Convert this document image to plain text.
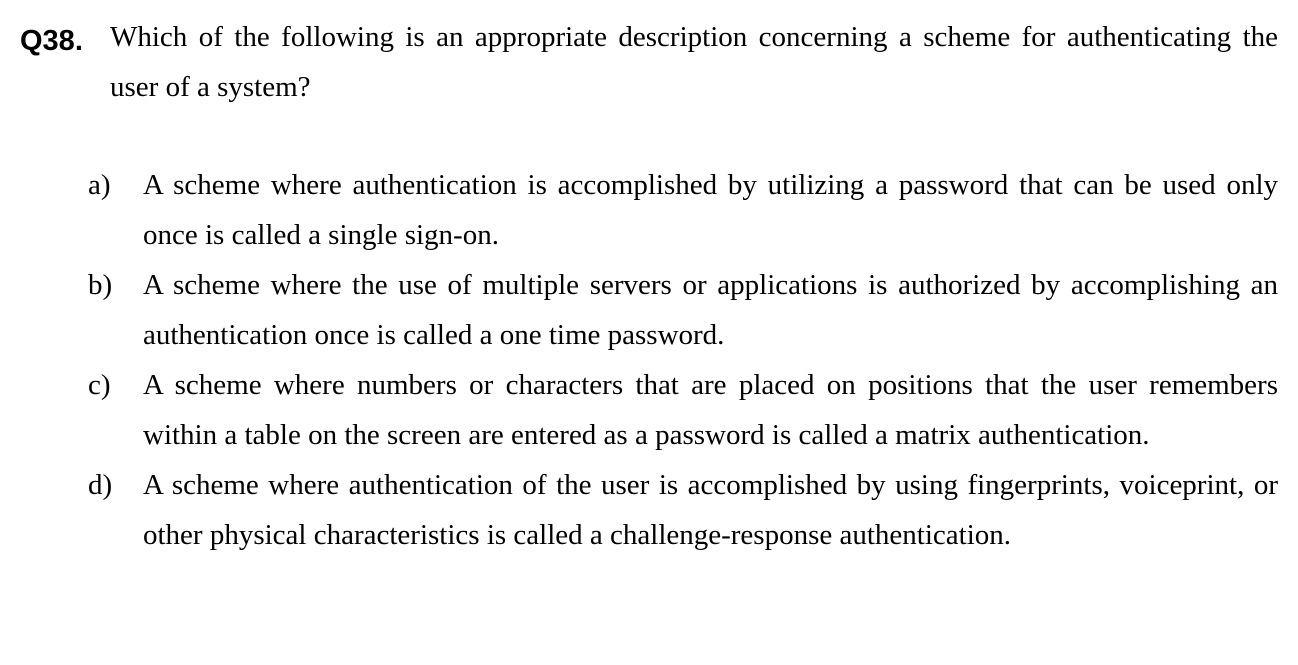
Q38. Which of the following is an appropriate description concerning a scheme for authenticating the user of a system?
a) A scheme where authentication is accomplished by utilizing a password that can be used only once is called a single sign-on.
b) A scheme where the use of multiple servers or applications is authorized by accomplishing an authentication once is called a one time password.
c) A scheme where numbers or characters that are placed on positions that the user remembers within a table on the screen are entered as a password is called a matrix authentication.
d) A scheme where authentication of the user is accomplished by using fingerprints, voiceprint, or other physical characteristics is called a challenge-response authentication.
